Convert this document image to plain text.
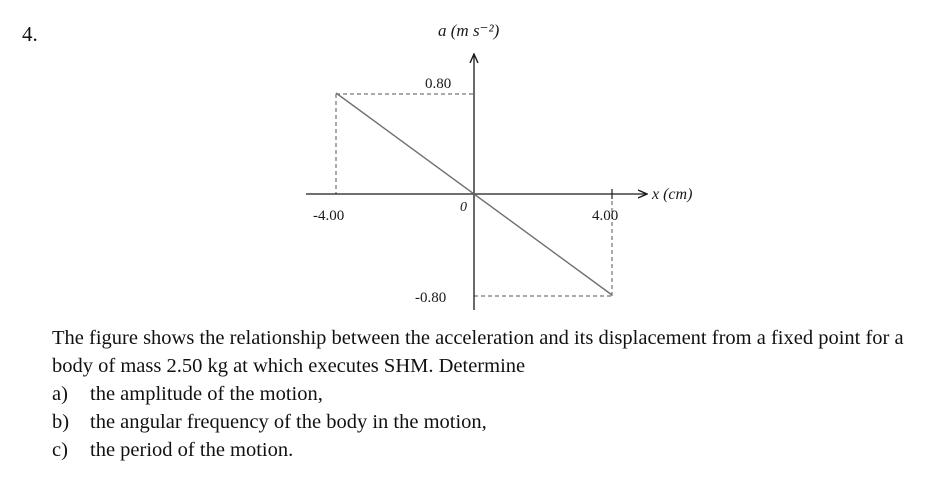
4.	a (m s⁻²)
x (cm)
0
-4.00	4.00
0.80
-0.80

The figure shows the relationship between the acceleration and its displacement from a fixed point for a body of mass 2.50 kg at which executes SHM. Determine

a)	the amplitude of the motion,
b)	the angular frequency of the body in the motion,
c)	the period of the motion.
